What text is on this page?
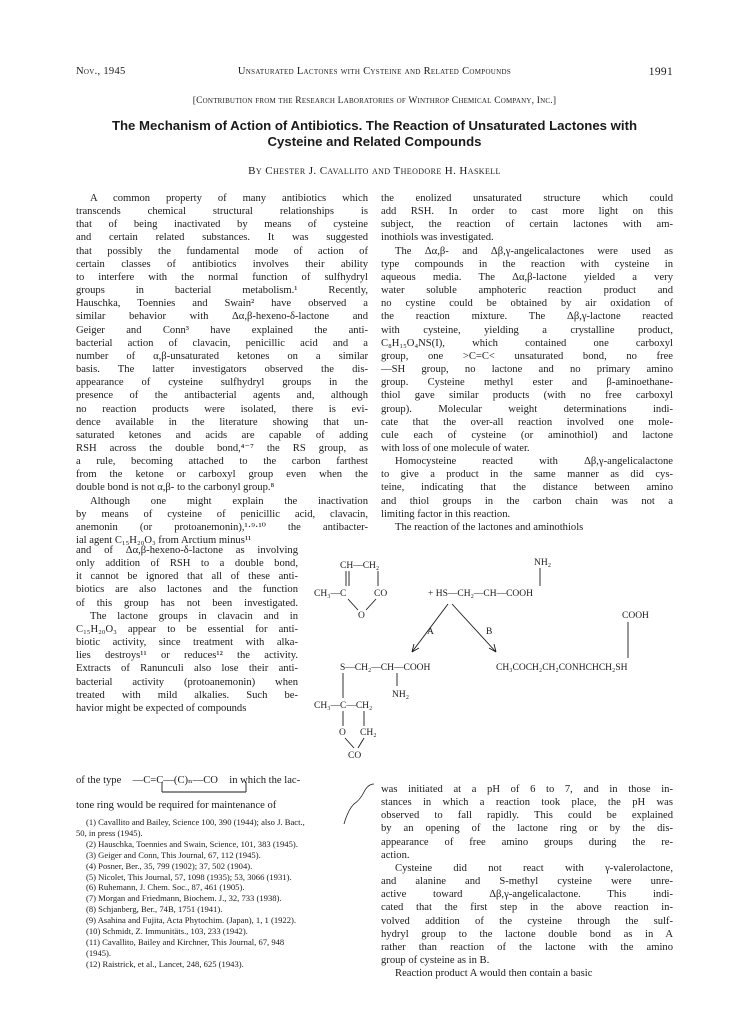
Nov., 1945	Unsaturated Lactones with Cysteine and Related Compounds	1991
[Contribution from the Research Laboratories of Winthrop Chemical Company, Inc.]
The Mechanism of Action of Antibiotics. The Reaction of Unsaturated Lactones with
Cysteine and Related Compounds
By Chester J. Cavallito and Theodore H. Haskell
A common property of many antibiotics which
transcends chemical structural relationships is
that of being inactivated by means of cysteine
and certain related substances. It was suggested
that possibly the fundamental mode of action of
certain classes of antibiotics involves their ability
to interfere with the normal function of sulfhydryl
groups in bacterial metabolism.¹ Recently,
Hauschka, Toennies and Swain² have observed a
similar behavior with Δα,β-hexeno-δ-lactone and
Geiger and Conn³ have explained the anti-
bacterial action of clavacin, penicillic acid and a
number of α,β-unsaturated ketones on a similar
basis. The latter investigators observed the dis-
appearance of cysteine sulfhydryl groups in the
presence of the antibacterial agents and, although
no reaction products were isolated, there is evi-
dence available in the literature showing that un-
saturated ketones and acids are capable of adding
RSH across the double bond,⁴⁻⁷ the RS group, as
a rule, becoming attached to the carbon farthest
from the ketone or carboxyl group even when the
double bond is not α,β- to the carbonyl group.⁸
Although one might explain the inactivation
by means of cysteine of penicillic acid, clavacin,
anemonin (or protoanemonin),¹·⁹·¹⁰ the antibacter-
ial agent C₁₅H₂₀O₃ from Arctium minus¹¹
and of Δα,β-hexeno-δ-lactone as involving
only addition of RSH to a double bond,
it cannot be ignored that all of these anti-
biotics are also lactones and the function
of this group has not been investigated.
The lactone groups in clavacin and in
C₁₅H₂₀O₃ appear to be essential for anti-
biotic activity, since treatment with alka-
lies destroys¹¹ or reduces¹² the activity.
Extracts of Ranunculi also lose their anti-
bacterial activity (protoanemonin) when
treated with mild alkalies. Such be-
havior might be expected of compounds
of the type —C=C—(C)ₙ—CO in which the lac-
tone ring would be required for maintenance of
(1) Cavallito and Bailey, Science 100, 390 (1944); also J. Bact.,
50, in press (1945).
(2) Hauschka, Toennies and Swain, Science, 101, 383 (1945).
(3) Geiger and Conn, This Journal, 67, 112 (1945).
(4) Posner, Ber., 35, 799 (1902); 37, 502 (1904).
(5) Nicolet, This Journal, 57, 1098 (1935); 53, 3066 (1931).
(6) Ruhemann, J. Chem. Soc., 87, 461 (1905).
(7) Morgan and Friedmann, Biochem. J., 32, 733 (1938).
(8) Schjanberg, Ber., 74B, 1751 (1941).
(9) Asahina and Fujita, Acta Phytochim. (Japan), 1, 1 (1922).
(10) Schmidt, Z. Immunitäts., 103, 233 (1942).
(11) Cavallito, Bailey and Kirchner, This Journal, 67, 948
(1945).
(12) Raistrick, et al., Lancet, 248, 625 (1943).
the enolized unsaturated structure which could
add RSH. In order to cast more light on this
subject, the reaction of certain lactones with am-
inothiols was investigated.
The Δα,β- and Δβ,γ-angelicalactones were used as
type compounds in the reaction with cysteine in
aqueous media. The Δα,β-lactone yielded a very
water soluble amphoteric reaction product and
no cystine could be obtained by air oxidation of
the reaction mixture. The Δβ,γ-lactone reacted
with cysteine, yielding a crystalline product,
C₈H₁₅O₄NS(I), which contained one carboxyl
group, one >C=C< unsaturated bond, no free
—SH group, no lactone and no primary amino
group. Cysteine methyl ester and β-aminoethane-
thiol gave similar products (with no free carboxyl
group). Molecular weight determinations indi-
cate that the over-all reaction involved one mole-
cule each of cysteine (or aminothiol) and lactone
with loss of one molecule of water.
Homocysteine reacted with Δβ,γ-angelicalactone
to give a product in the same manner as did cys-
teine, indicating that the distance between amino
and thiol groups in the carbon chain was not a
limiting factor in this reaction.
The reaction of the lactones and aminothiols
was initiated at a pH of 6 to 7, and in those in-
stances in which a reaction took place, the pH was
observed to fall rapidly. This could be explained
by an opening of the lactone ring or by the dis-
appearance of free amino groups during the re-
action.
Cysteine did not react with γ-valerolactone,
and alanine and S-methyl cysteine were unre-
active toward Δβ,γ-angelicalactone. This indi-
cated that the first step in the above reaction in-
volved addition of the cysteine through the sulf-
hydryl group to the lactone double bond as in A
rather than reaction of the lactone with the amino
group of cysteine as in B.
Reaction product A would then contain a basic
CH—CH₂
CH₃—C	CO
O
NH₂
+ HS—CH₂—CH—COOH
A	B
S—CH₂—CH—COOH
NH₂
CH₃—C—CH₂
O CH₂
CO
COOH
CH₃COCH₂CH₂CONHCHCH₂SH
